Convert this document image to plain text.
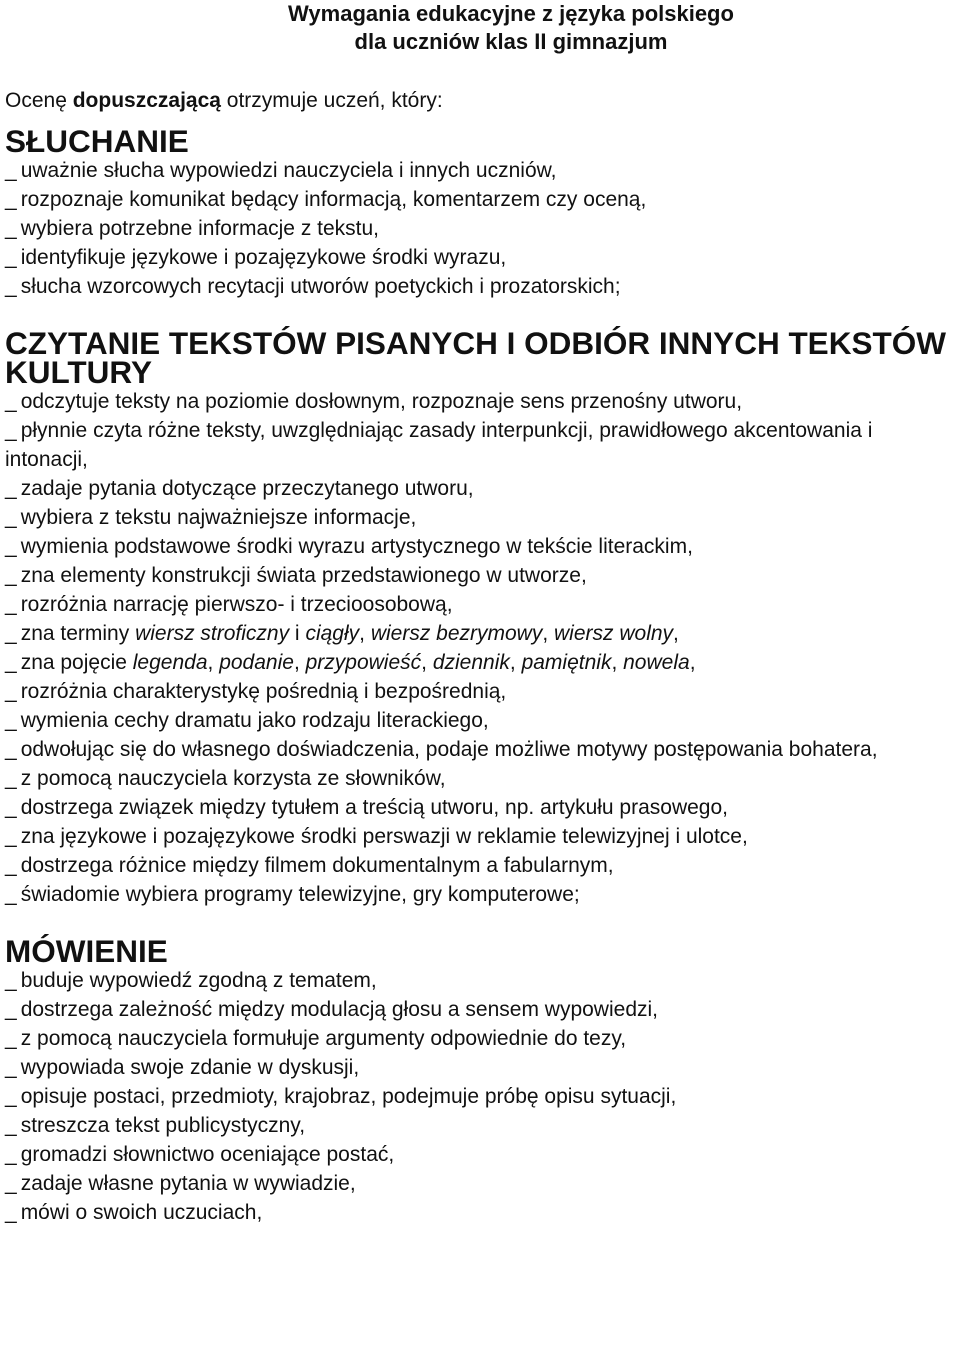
Wymagania edukacyjne z języka polskiego
dla uczniów klas II gimnazjum

Ocenę dopuszczającą otrzymuje uczeń, który:

SŁUCHANIE
_ uważnie słucha wypowiedzi nauczyciela i innych uczniów,
_ rozpoznaje komunikat będący informacją, komentarzem czy oceną,
_ wybiera potrzebne informacje z tekstu,
_ identyfikuje językowe i pozajęzykowe środki wyrazu,
_ słucha wzorcowych recytacji utworów poetyckich i prozatorskich;
CZYTANIE TEKSTÓW PISANYCH I ODBIÓR INNYCH TEKSTÓW KULTURY
_ odczytuje teksty na poziomie dosłownym, rozpoznaje sens przenośny utworu,
_ płynnie czyta różne teksty, uwzględniając zasady interpunkcji, prawidłowego akcentowania i intonacji,
_ zadaje pytania dotyczące przeczytanego utworu,
_ wybiera z tekstu najważniejsze informacje,
_ wymienia podstawowe środki wyrazu artystycznego w tekście literackim,
_ zna elementy konstrukcji świata przedstawionego w utworze,
_ rozróżnia narrację pierwszo- i trzecioosobową,
_ zna terminy wiersz stroficzny i ciągły, wiersz bezrymowy, wiersz wolny,
_ zna pojęcie legenda, podanie, przypowieść, dziennik, pamiętnik, nowela,
_ rozróżnia charakterystykę pośrednią i bezpośrednią,
_ wymienia cechy dramatu jako rodzaju literackiego,
_ odwołując się do własnego doświadczenia, podaje możliwe motywy postępowania bohatera,
_ z pomocą nauczyciela korzysta ze słowników,
_ dostrzega związek między tytułem a treścią utworu, np. artykułu prasowego,
_ zna językowe i pozajęzykowe środki perswazji w reklamie telewizyjnej i ulotce,
_ dostrzega różnice między filmem dokumentalnym a fabularnym,
_ świadomie wybiera programy telewizyjne, gry komputerowe;
MÓWIENIE
_ buduje wypowiedź zgodną z tematem,
_ dostrzega zależność między modulacją głosu a sensem wypowiedzi,
_ z pomocą nauczyciela formułuje argumenty odpowiednie do tezy,
_ wypowiada swoje zdanie w dyskusji,
_ opisuje postaci, przedmioty, krajobraz, podejmuje próbę opisu sytuacji,
_ streszcza tekst publicystyczny,
_ gromadzi słownictwo oceniające postać,
_ zadaje własne pytania w wywiadzie,
_ mówi o swoich uczuciach,
